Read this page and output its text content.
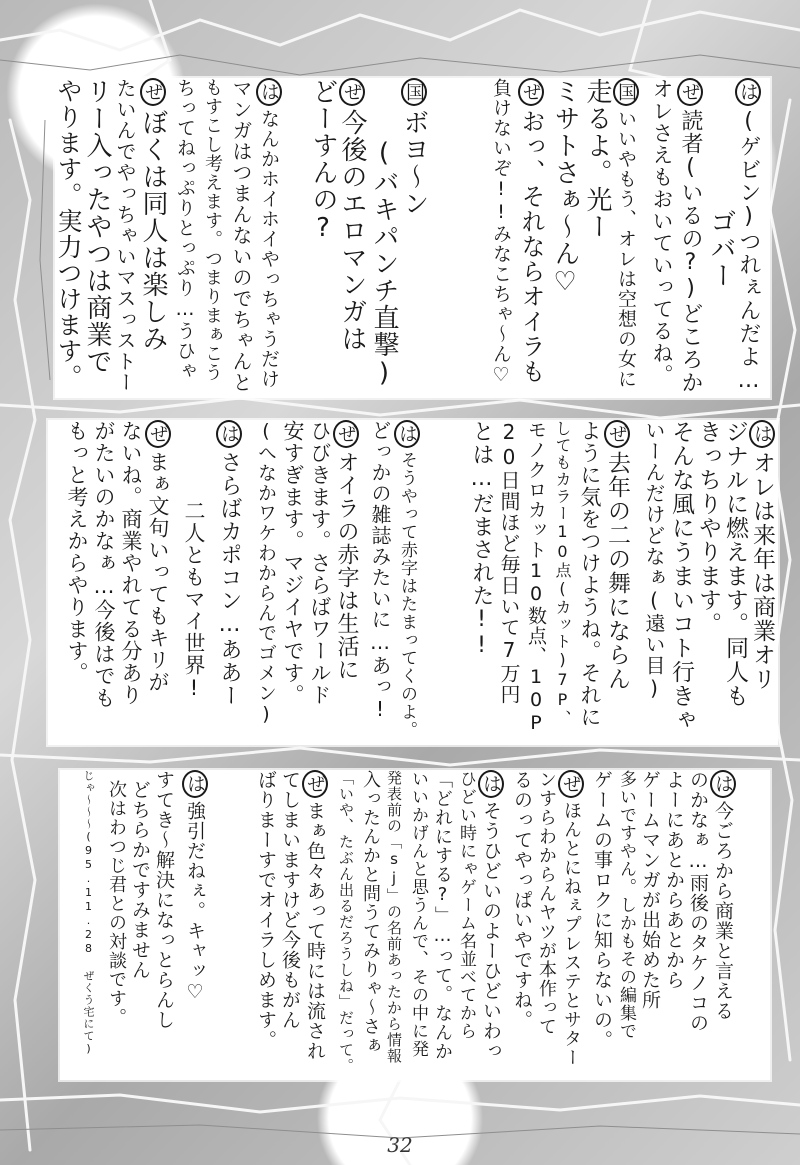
は(ゲビン)つれぇんだよ…
ゴバー
ぜ読者(いるの?)どころか
オレさえもおいていってるね。
国いいやもう、オレは空想の女に
走るよ。光ー
ミサトさぁ〜ん♡
ぜおっ、それならオイラも
負けないぞ!!みなこちゃ〜ん♡
国ボヨ〜ン
(バキパンチ直撃)
ぜ今後のエロマンガは
どーすんの?
はなんかホイホイやっちゃうだけ
マンガはつまんないのでちゃんと
もすこし考えます。つまりまぁこう
ちってねっぷりとっぷり…うひゃ
ぜぼくは同人は楽しみ
たいんでやっちゃいマスっストー
リー入ったやつは商業で
やります。実力つけます。
はオレは来年は商業オリ
ジナルに燃えます。同人も
きっちりやります。
そんな風にうまいコト行きゃ
いーんだけどなぁ(遠い目)
ぜ去年の二の舞にならん
ように気をつけようね。それに
してもカラー10点(カット)7P、
モノクロカット10数点、10P
20日間ほど毎日いて7万円
とは…だまされた!!
はそうやって赤字はたまってくのよ。
どっかの雑誌みたいに…あっ!
ぜオイラの赤字は生活に
ひびきます。さらばワールド
安すぎます。マジイヤです。
(へなかワケわからんでゴメン)
はさらばカポコン…ああー
二人ともマイ世界!
ぜまぁ文句いってもキリが
ないね。商業やれてる分あり
がたいのかなぁ…今後はでも
もっと考えからやります。
は今ごろから商業と言える
のかなぁ…雨後のタケノコの
よーにあとからあとから
ゲームマンガが出始めた所
多いですやん。しかもその編集で
ゲームの事ロクに知らないの。
ぜほんとにねぇプレステとサター
ンすらわからんヤツが本作って
るのってやっぱいやですね。
はそうひどいのよーひどいわっ
ひどい時にゃゲーム名並べてから
「どれにする?」…って。なんか
いいかげんと思うんで、その中に発
発表前の「sj」の名前あったから情報
入ったんかと問うてみりゃ〜さぁ
「いや、たぶん出るだろうしね」だって。
ぜまぁ色々あって時には流され
てしまいますけど今後もがん
ばりまーすでオイラしめます。
は強引だねぇ。キャッ♡
すてき〜解決になっとらんし
どちらかですみません
次はわつじ君との対談です。
じゃ〜〜〜(95.11.28 ぜくう宅にて)
32
